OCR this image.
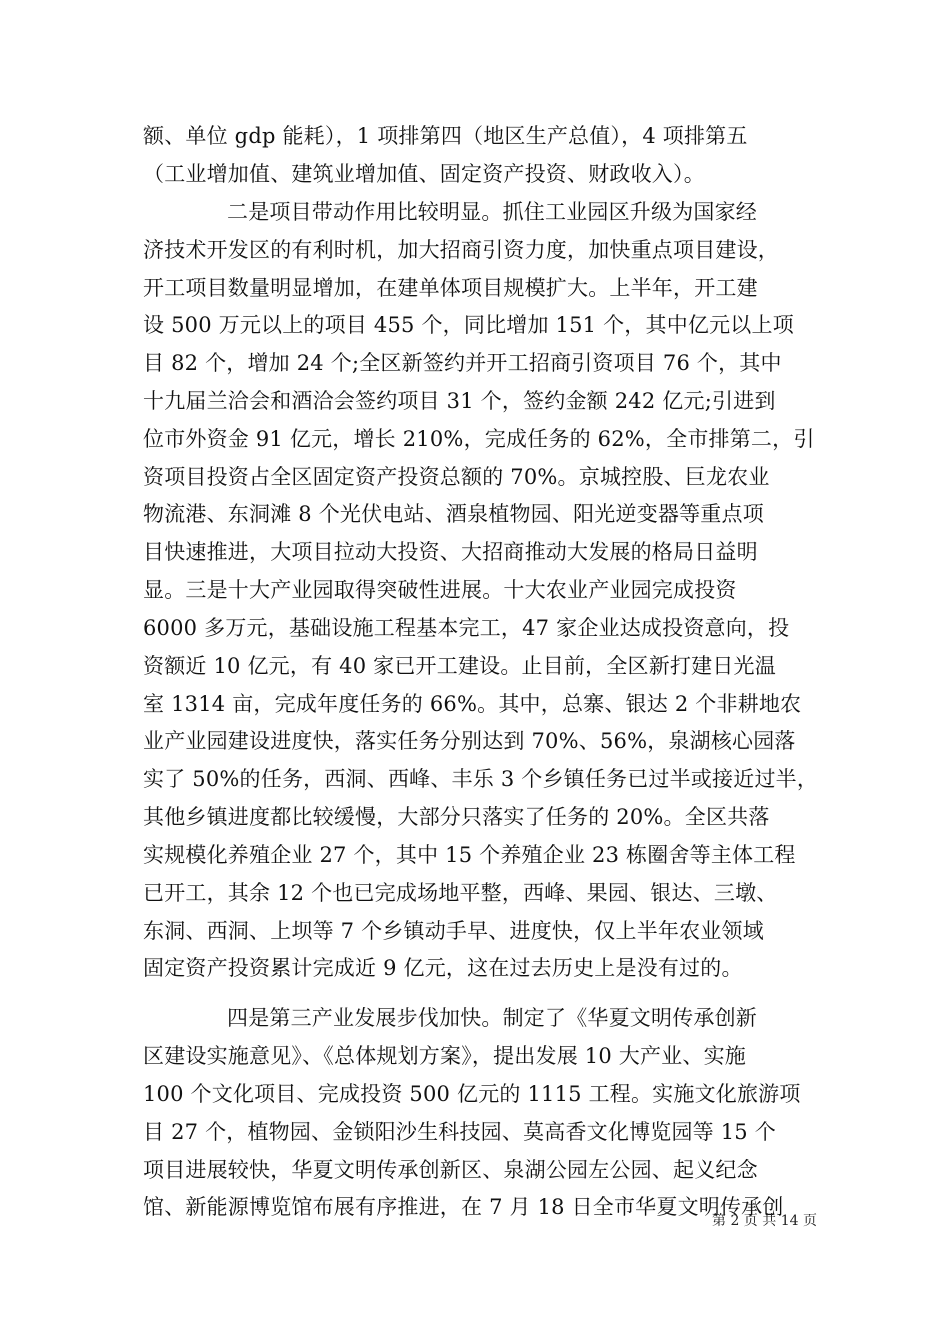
额、单位 gdp 能耗），1 项排第四（地区生产总值），4 项排第五
（工业增加值、建筑业增加值、固定资产投资、财政收入）。
二是项目带动作用比较明显。抓住工业园区升级为国家经
济技术开发区的有利时机，加大招商引资力度，加快重点项目建设，
开工项目数量明显增加，在建单体项目规模扩大。上半年，开工建
设 500 万元以上的项目 455 个，同比增加 151 个，其中亿元以上项
目 82 个，增加 24 个;全区新签约并开工招商引资项目 76 个，其中
十九届兰洽会和酒洽会签约项目 31 个，签约金额 242 亿元;引进到
位市外资金 91 亿元，增长 210%，完成任务的 62%，全市排第二，引
资项目投资占全区固定资产投资总额的 70%。京城控股、巨龙农业
物流港、东洞滩 8 个光伏电站、酒泉植物园、阳光逆变器等重点项
目快速推进，大项目拉动大投资、大招商推动大发展的格局日益明
显。三是十大产业园取得突破性进展。十大农业产业园完成投资
6000 多万元，基础设施工程基本完工，47 家企业达成投资意向，投
资额近 10 亿元，有 40 家已开工建设。止目前，全区新打建日光温
室 1314 亩，完成年度任务的 66%。其中，总寨、银达 2 个非耕地农
业产业园建设进度快，落实任务分别达到 70%、56%，泉湖核心园落
实了 50%的任务，西洞、西峰、丰乐 3 个乡镇任务已过半或接近过半，
其他乡镇进度都比较缓慢，大部分只落实了任务的 20%。全区共落
实规模化养殖企业 27 个，其中 15 个养殖企业 23 栋圈舍等主体工程
已开工，其余 12 个也已完成场地平整，西峰、果园、银达、三墩、
东洞、西洞、上坝等 7 个乡镇动手早、进度快，仅上半年农业领域
固定资产投资累计完成近 9 亿元，这在过去历史上是没有过的。
四是第三产业发展步伐加快。制定了《华夏文明传承创新
区建设实施意见》、《总体规划方案》，提出发展 10 大产业、实施
100 个文化项目、完成投资 500 亿元的 1115 工程。实施文化旅游项
目 27 个，植物园、金锁阳沙生科技园、莫高香文化博览园等 15 个
项目进展较快，华夏文明传承创新区、泉湖公园左公园、起义纪念
馆、新能源博览馆布展有序推进，在 7 月 18 日全市华夏文明传承创
第 2 页 共 14 页
